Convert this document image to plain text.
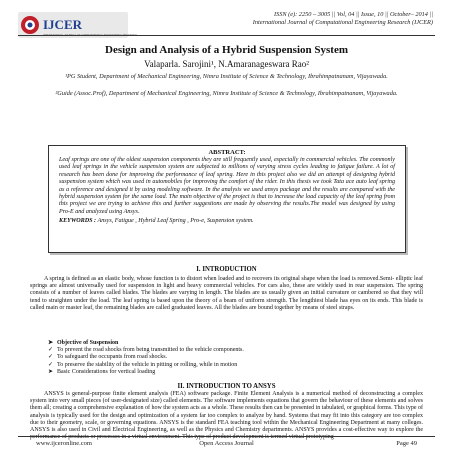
IJCER
INTERNATIONAL JOURNAL OF COMPUTATIONAL ENGINEERING RESEARCH
ISSN (e): 2250 – 3005 || Vol, 04 || Issue, 10 || October– 2014 ||
International Journal of Computational Engineering Research (IJCER)
Design and Analysis of a Hybrid Suspension System
Valaparla. Sarojini¹, N.Amaranageswara Rao²
¹PG Student, Department of Mechanical Engineering, Nimra Institute of Science & Technology, Ibrahimpatnanam, Vijayawada.
²Guide (Assoc.Prof), Department of Mechanical Engineering, Nimra Institute of Science & Technology, Ibrahimpatnanam, Vijayawada.
ABSTRACT:
Leaf springs are one of the oldest suspension components they are still frequently used, especially in commercial vehicles. The commonly used leaf springs in the vehicle suspension system are subjected to millions of varying stress cycles leading to fatigue failure. A lot of research has been done for improving the performance of leaf spring. Here in this project also we did an attempt of designing hybrid suspension system which was used in automobiles for improving the comfort of the rider. In this thesis we took Tata ace auto leaf spring as a reference and designed it by using modeling software. In the analysis we used ansys package and the results are compared with the hybrid suspension system for the same load. The main objective of the project is that to increase the load capacity of the leaf spring from this project we are trying to achieve this and further suggestions are made by observing the results.The model was designed by using Pro-E and analyzed using Ansys.
KEYWORDS : Ansys, Fatigue , Hybrid Leaf Spring , Pro-e, Suspension system.
I. INTRODUCTION
A spring is defined as an elastic body, whose function is to distort when loaded and to recovers its original shape when the load is removed.Semi- elliptic leaf springs are almost universally used for suspension in light and heavy commercial vehicles. For cars also, these are widely used in rear suspension. The spring consists of a number of leaves called blades. The blades are varying in length. The blades are us usually given an initial curvature or cambered so that they will tend to straighten under the load. The leaf spring is based upon the theory of a beam of uniform strength. The lengthiest blade has eyes on its ends. This blade is called main or master leaf, the remaining blades are called graduated leaves. All the blades are bound together by means of steel straps.
➤ Objective of Suspension
✓ To prevent the road shocks from being transmitted to the vehicle components.
✓ To safeguard the occupants from road shocks.
✓ To preserve the stability of the vehicle in pitting or rolling, while in motion
➤ Basic Considerations for vertical loading
II. INTRODUCTION TO ANSYS
ANSYS is general-purpose finite element analysis (FEA) software package. Finite Element Analysis is a numerical method of deconstructing a complex system into very small pieces (of user-designated size) called elements. The software implements equations that govern the behaviour of these elements and solves them all; creating a comprehensive explanation of how the system acts as a whole. These results then can be presented in tabulated, or graphical forms. This type of analysis is typically used for the design and optimization of a system far too complex to analyze by hand. Systems that may fit into this category are too complex due to their geometry, scale, or governing equations. ANSYS is the standard FEA teaching tool within the Mechanical Engineering Department at many colleges. ANSYS is also used in Civil and Electrical Engineering, as well as the Physics and Chemistry departments. ANSYS provides a cost-effective way to explore the performance of products or processes in a virtual environment. This type of product development is termed virtual prototyping
www.ijceronline.com	Open Access Journal	Page 49
